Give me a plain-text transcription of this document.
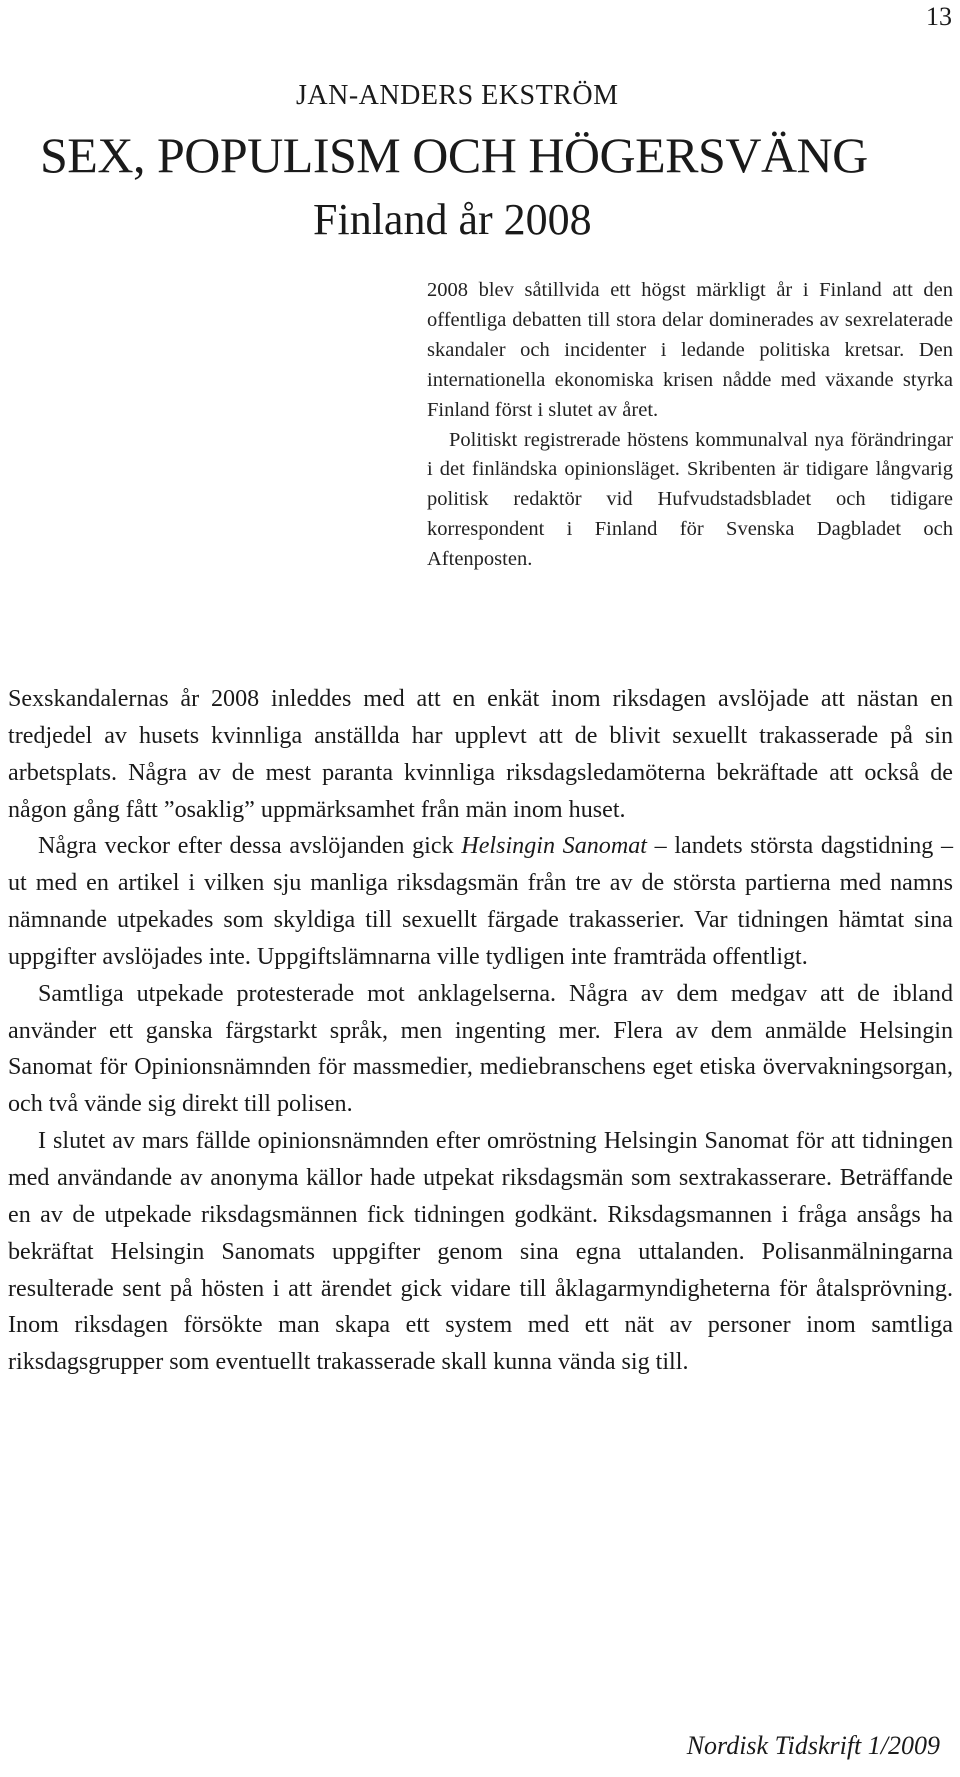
13
JAN-ANDERS EKSTRÖM
SEX, POPULISM OCH HÖGERSVÄNG
Finland år 2008

2008 blev såtillvida ett högst märkligt år i Finland att den offentliga debatten till stora delar dominerades av sexrelaterade skandaler och incidenter i ledande politiska kretsar. Den internationella ekonomiska krisen nådde med växande styrka Finland först i slutet av året.

Politiskt registrerade höstens kommunalval nya förändringar i det finländska opinionsläget. Skribenten är tidigare långvarig politisk redaktör vid Hufvudstadsbladet och tidigare korrespondent i Finland för Svenska Dagbladet och Aftenposten.

Sexskandalernas år 2008 inleddes med att en enkät inom riksdagen avslöjade att nästan en tredjedel av husets kvinnliga anställda har upplevt att de blivit sexuellt trakasserade på sin arbetsplats. Några av de mest paranta kvinnliga riksdagsledamöterna bekräftade att också de någon gång fått ”osaklig” uppmärksamhet från män inom huset.

Några veckor efter dessa avslöjanden gick Helsingin Sanomat – landets största dagstidning – ut med en artikel i vilken sju manliga riksdagsmän från tre av de största partierna med namns nämnande utpekades som skyldiga till sexuellt färgade trakasserier. Var tidningen hämtat sina uppgifter avslöjades inte. Uppgiftslämnarna ville tydligen inte framträda offentligt.

Samtliga utpekade protesterade mot anklagelserna. Några av dem medgav att de ibland använder ett ganska färgstarkt språk, men ingenting mer. Flera av dem anmälde Helsingin Sanomat för Opinionsnämnden för massmedier, mediebranschens eget etiska övervakningsorgan, och två vände sig direkt till polisen.

I slutet av mars fällde opinionsnämnden efter omröstning Helsingin Sanomat för att tidningen med användande av anonyma källor hade utpekat riksdagsmän som sextrakasserare. Beträffande en av de utpekade riksdagsmännen fick tidningen godkänt. Riksdagsmannen i fråga ansågs ha bekräftat Helsingin Sanomats uppgifter genom sina egna uttalanden. Polisanmälningarna resulterade sent på hösten i att ärendet gick vidare till åklagarmyndigheterna för åtalsprövning. Inom riksdagen försökte man skapa ett system med ett nät av personer inom samtliga riksdagsgrupper som eventuellt trakasserade skall kunna vända sig till.

Nordisk Tidskrift 1/2009
